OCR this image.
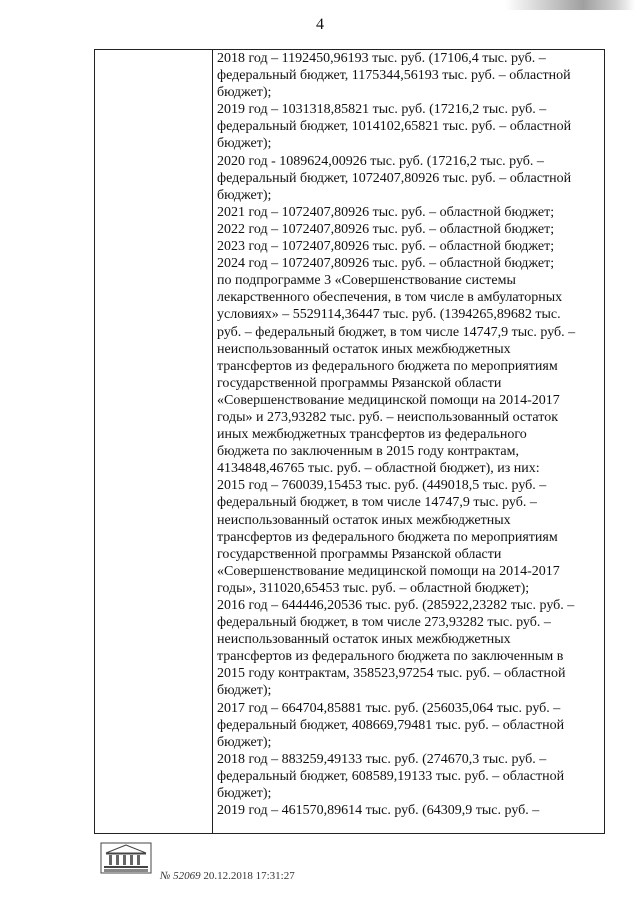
4
2018 год – 1192450,96193 тыс. руб. (17106,4 тыс. руб. –
федеральный бюджет, 1175344,56193 тыс. руб. – областной
бюджет);
2019 год – 1031318,85821 тыс. руб. (17216,2 тыс. руб. –
федеральный бюджет, 1014102,65821 тыс. руб. – областной
бюджет);
2020 год - 1089624,00926 тыс. руб. (17216,2 тыс. руб. –
федеральный бюджет, 1072407,80926 тыс. руб. – областной
бюджет);
2021 год – 1072407,80926 тыс. руб. – областной бюджет;
2022 год – 1072407,80926 тыс. руб. – областной бюджет;
2023 год – 1072407,80926 тыс. руб. – областной бюджет;
2024 год – 1072407,80926 тыс. руб. – областной бюджет;
по подпрограмме 3 «Совершенствование системы
лекарственного обеспечения, в том числе в амбулаторных
условиях» – 5529114,36447 тыс. руб. (1394265,89682 тыс.
руб. – федеральный бюджет, в том числе 14747,9 тыс. руб. –
неиспользованный остаток иных межбюджетных
трансфертов из федерального бюджета по мероприятиям
государственной программы Рязанской области
«Совершенствование медицинской помощи на 2014-2017
годы» и 273,93282 тыс. руб. – неиспользованный остаток
иных межбюджетных трансфертов из федерального
бюджета по заключенным в 2015 году контрактам,
4134848,46765 тыс. руб. – областной бюджет), из них:
2015 год – 760039,15453 тыс. руб. (449018,5 тыс. руб. –
федеральный бюджет, в том числе 14747,9 тыс. руб. –
неиспользованный остаток иных межбюджетных
трансфертов из федерального бюджета по мероприятиям
государственной программы Рязанской области
«Совершенствование медицинской помощи на 2014-2017
годы», 311020,65453 тыс. руб. – областной бюджет);
2016 год – 644446,20536 тыс. руб. (285922,23282 тыс. руб. –
федеральный бюджет, в том числе 273,93282 тыс. руб. –
неиспользованный остаток иных межбюджетных
трансфертов из федерального бюджета по заключенным в
2015 году контрактам, 358523,97254 тыс. руб. – областной
бюджет);
2017 год – 664704,85881 тыс. руб. (256035,064 тыс. руб. –
федеральный бюджет, 408669,79481 тыс. руб. – областной
бюджет);
2018 год – 883259,49133 тыс. руб. (274670,3 тыс. руб. –
федеральный бюджет, 608589,19133 тыс. руб. – областной
бюджет);
2019 год – 461570,89614 тыс. руб. (64309,9 тыс. руб. –
№ 52069 20.12.2018 17:31:27
